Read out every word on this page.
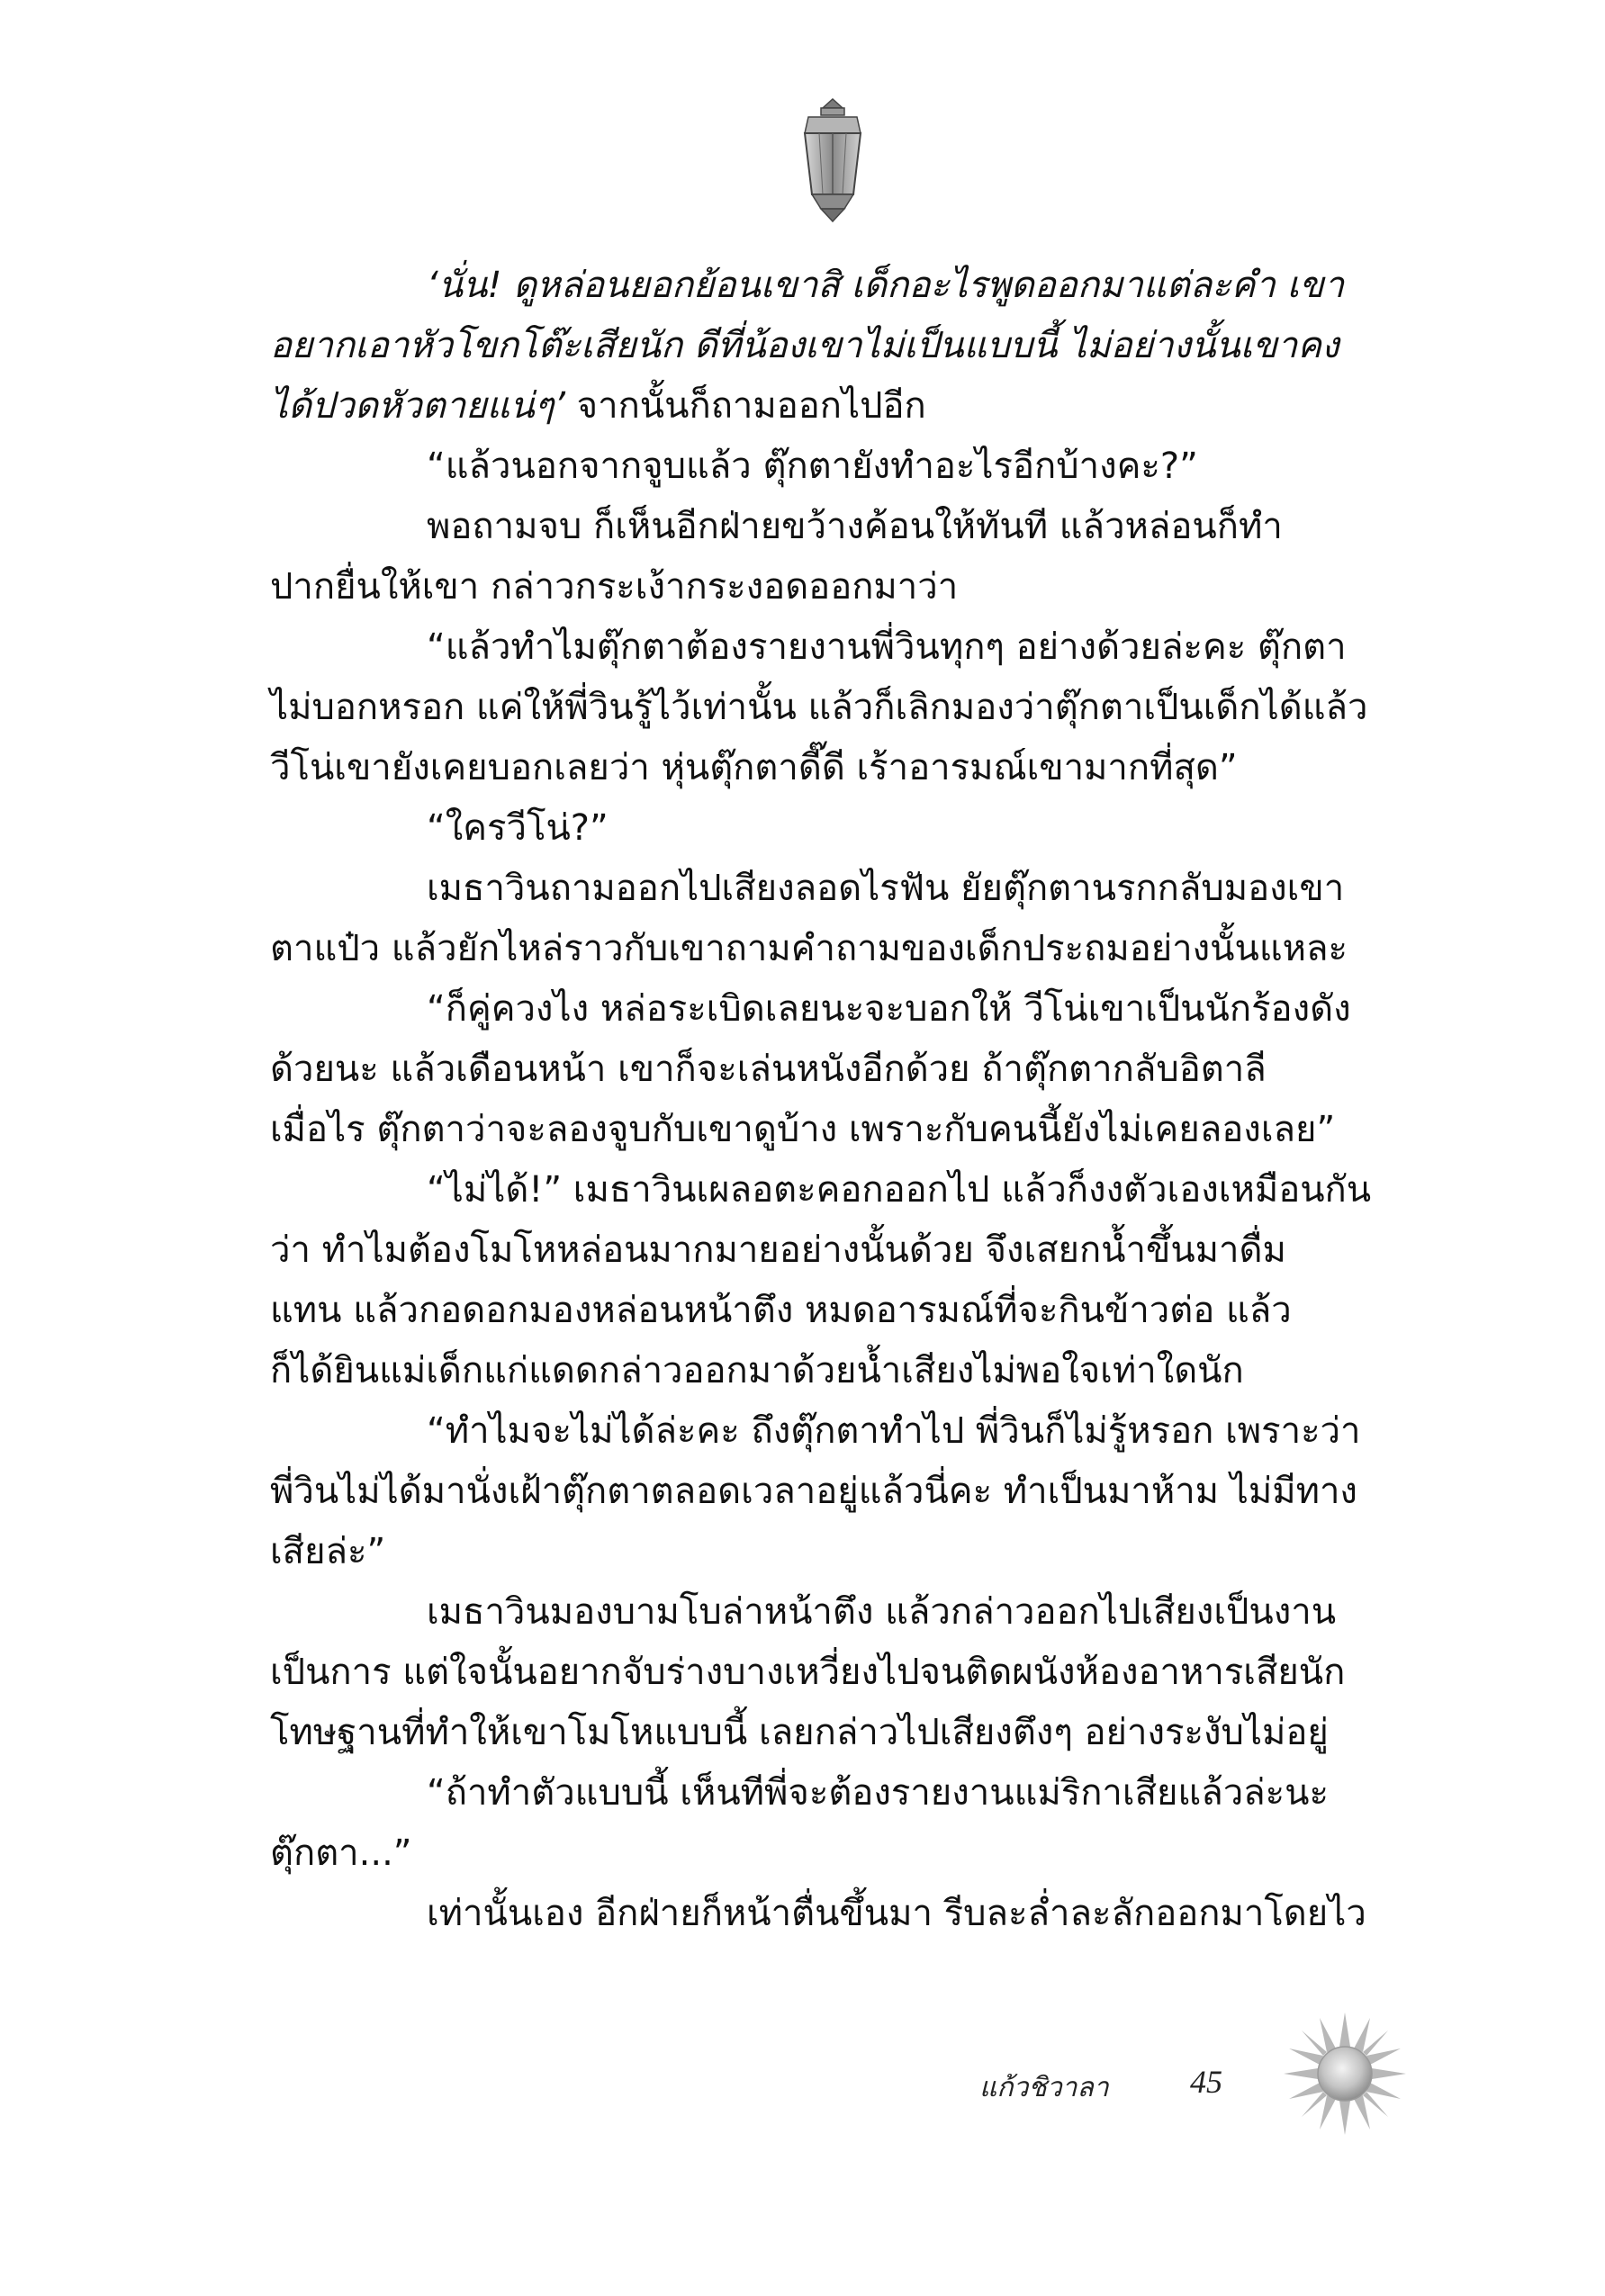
‘นั่น! ดูหล่อนยอกย้อนเขาสิ เด็กอะไรพูดออกมาแต่ละคำ เขา
อยากเอาหัวโขกโต๊ะเสียนัก ดีที่น้องเขาไม่เป็นแบบนี้ ไม่อย่างนั้นเขาคง
ได้ปวดหัวตายแน่ๆ’ จากนั้นก็ถามออกไปอีก
“แล้วนอกจากจูบแล้ว ตุ๊กตายังทำอะไรอีกบ้างคะ?”
พอถามจบ ก็เห็นอีกฝ่ายขว้างค้อนให้ทันที แล้วหล่อนก็ทำ
ปากยื่นให้เขา กล่าวกระเง้ากระงอดออกมาว่า
“แล้วทำไมตุ๊กตาต้องรายงานพี่วินทุกๆ อย่างด้วยล่ะคะ ตุ๊กตา
ไม่บอกหรอก แค่ให้พี่วินรู้ไว้เท่านั้น แล้วก็เลิกมองว่าตุ๊กตาเป็นเด็กได้แล้ว
วีโน่เขายังเคยบอกเลยว่า หุ่นตุ๊กตาดี๊ดี เร้าอารมณ์เขามากที่สุด”
“ใครวีโน่?”
เมธาวินถามออกไปเสียงลอดไรฟัน ยัยตุ๊กตานรกกลับมองเขา
ตาแป๋ว แล้วยักไหล่ราวกับเขาถามคำถามของเด็กประถมอย่างนั้นแหละ
“ก็คู่ควงไง หล่อระเบิดเลยนะจะบอกให้ วีโน่เขาเป็นนักร้องดัง
ด้วยนะ แล้วเดือนหน้า เขาก็จะเล่นหนังอีกด้วย ถ้าตุ๊กตากลับอิตาลี
เมื่อไร ตุ๊กตาว่าจะลองจูบกับเขาดูบ้าง เพราะกับคนนี้ยังไม่เคยลองเลย”
“ไม่ได้!” เมธาวินเผลอตะคอกออกไป แล้วก็งงตัวเองเหมือนกัน
ว่า ทำไมต้องโมโหหล่อนมากมายอย่างนั้นด้วย จึงเสยกน้ำขึ้นมาดื่ม
แทน แล้วกอดอกมองหล่อนหน้าตึง หมดอารมณ์ที่จะกินข้าวต่อ แล้ว
ก็ได้ยินแม่เด็กแก่แดดกล่าวออกมาด้วยน้ำเสียงไม่พอใจเท่าใดนัก
“ทำไมจะไม่ได้ล่ะคะ ถึงตุ๊กตาทำไป พี่วินก็ไม่รู้หรอก เพราะว่า
พี่วินไม่ได้มานั่งเฝ้าตุ๊กตาตลอดเวลาอยู่แล้วนี่คะ ทำเป็นมาห้าม ไม่มีทาง
เสียล่ะ”
เมธาวินมองบามโบล่าหน้าตึง แล้วกล่าวออกไปเสียงเป็นงาน
เป็นการ แต่ใจนั้นอยากจับร่างบางเหวี่ยงไปจนติดผนังห้องอาหารเสียนัก
โทษฐานที่ทำให้เขาโมโหแบบนี้ เลยกล่าวไปเสียงตึงๆ อย่างระงับไม่อยู่
“ถ้าทำตัวแบบนี้ เห็นทีพี่จะต้องรายงานแม่ริกาเสียแล้วล่ะนะ
ตุ๊กตา...”
เท่านั้นเอง อีกฝ่ายก็หน้าตื่นขึ้นมา รีบละล่ำละลักออกมาโดยไว
แก้วชิวาลา	45
